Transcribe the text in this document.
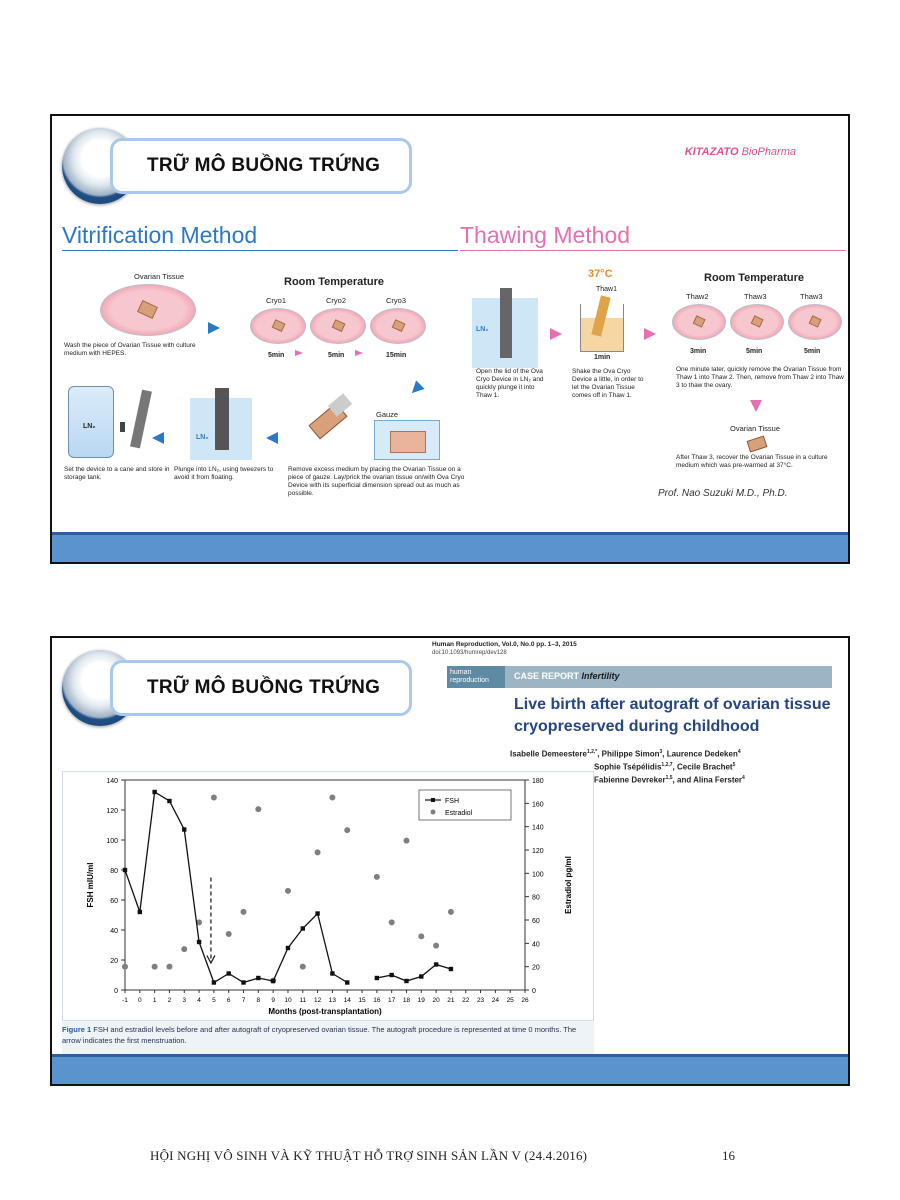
TRỮ MÔ BUỒNG TRỨNG
KITAZATO BioPharma
Vitrification Method	Thawing Method
Ovarian Tissue
Wash the piece of Ovarian Tissue with culture medium with HEPES.
Room Temperature
Cryo1	Cryo2	Cryo3
5min	5min	15min
LN₂
Set the device to a cane and store in storage tank.
LN₂
Plunge into LN₂, using tweezers to avoid it from floating.
Gauze
Remove excess medium by placing the Ovarian Tissue on a piece of gauze. Lay/prick the ovarian tissue on/with Ova Cryo Device with its superficial dimension spread out as much as possible.
LN₂
Open the lid of the Ova Cryo Device in LN₂ and quickly plunge it into Thaw 1.
37°C
Thaw1
1min
Shake the Ova Cryo Device a little, in order to let the Ovarian Tissue comes off in Thaw 1.
Room Temperature
Thaw2	Thaw3	Thaw3
3min	5min	5min
One minute later, quickly remove the Ovarian Tissue from Thaw 1 into Thaw 2. Then, remove from Thaw 2 into Thaw 3 to thaw the ovary.
Ovarian Tissue
After Thaw 3, recover the Ovarian Tissue in a culture medium which was pre-warmed at 37°C.
Prof. Nao Suzuki M.D., Ph.D.
TRỮ MÔ BUỒNG TRỨNG
Human Reproduction, Vol.0, No.0 pp. 1–3, 2015
doi:10.1093/humrep/dev128
human
reproduction	CASE REPORT Infertility
Live birth after autograft of ovarian tissue cryopreserved during childhood
Isabelle Demeestere$^{1,2,*}$, Philippe Simon$^3$, Laurence Dedeken$^4$
Sophie Tsépélidis$^{1,2,7}$, Cecile Brachet$^5$
Fabienne Devreker$^{1,5}$, and Alina Ferster$^4$
0
20
40
60
80
100
120
140
0
20
40
60
80
100
120
140
160
180
-1 0 1 2 3 4 5 6 7 8 9 10 11 12 13 14 15 16 17 18 19 20 21 22 23 24 25 26
Months (post-transplantation)
FSH mIU/ml	Estradiol pg/ml
FSH
Estradiol
Figure 1 FSH and estradiol levels before and after autograft of cryopreserved ovarian tissue. The autograft procedure is represented at time 0 months. The arrow indicates the first menstruation.
HỘI NGHỊ VÔ SINH VÀ KỸ THUẬT HỖ TRỢ SINH SẢN LẦN V (24.4.2016)	16
